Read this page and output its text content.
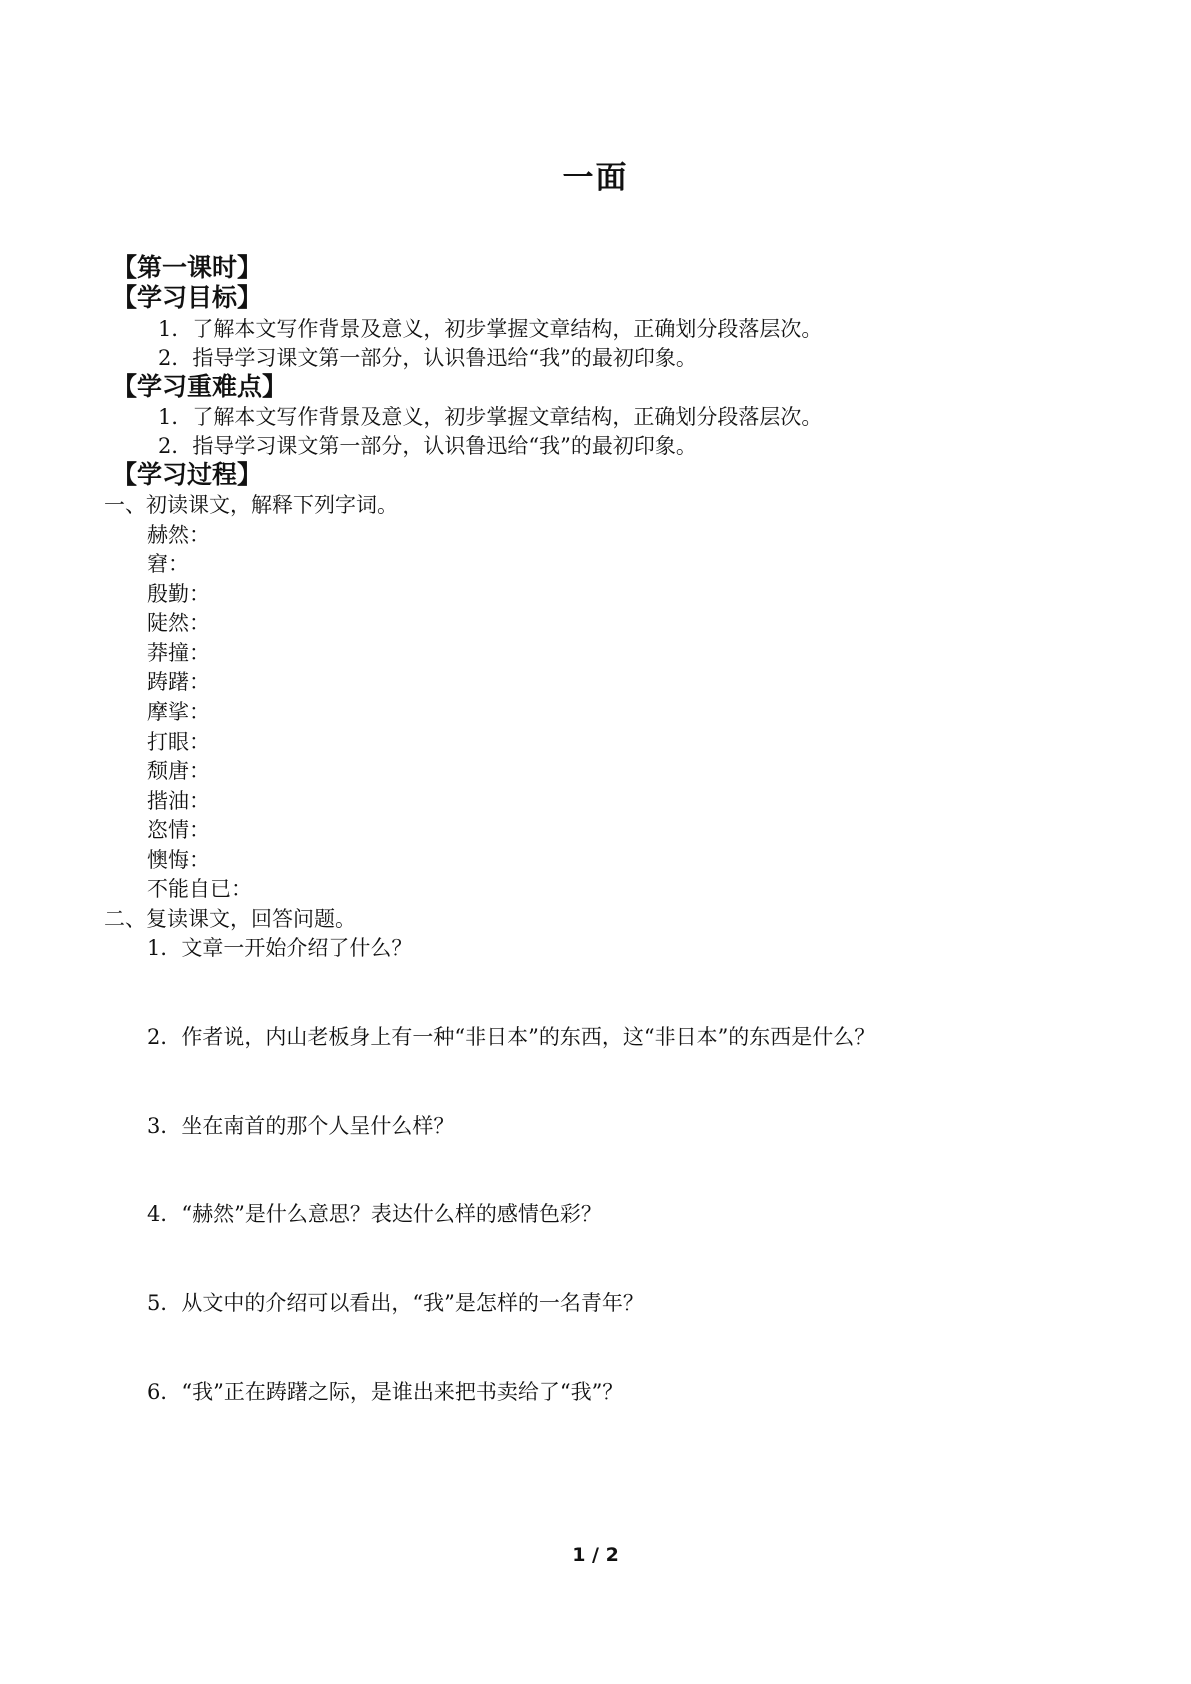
一面
【第一课时】
【学习目标】
1．了解本文写作背景及意义，初步掌握文章结构，正确划分段落层次。
2．指导学习课文第一部分，认识鲁迅给“我”的最初印象。
【学习重难点】
1．了解本文写作背景及意义，初步掌握文章结构，正确划分段落层次。
2．指导学习课文第一部分，认识鲁迅给“我”的最初印象。
【学习过程】
一、初读课文，解释下列字词。
赫然：
窘：
殷勤：
陡然：
莽撞：
踌躇：
摩挲：
打眼：
颓唐：
揩油：
恣情：
懊悔：
不能自已：
二、复读课文，回答问题。
1．文章一开始介绍了什么？
2．作者说，内山老板身上有一种“非日本”的东西，这“非日本”的东西是什么？
3．坐在南首的那个人呈什么样？
4．“赫然”是什么意思？表达什么样的感情色彩？
5．从文中的介绍可以看出，“我”是怎样的一名青年？
6．“我”正在踌躇之际，是谁出来把书卖给了“我”？
1 / 2
